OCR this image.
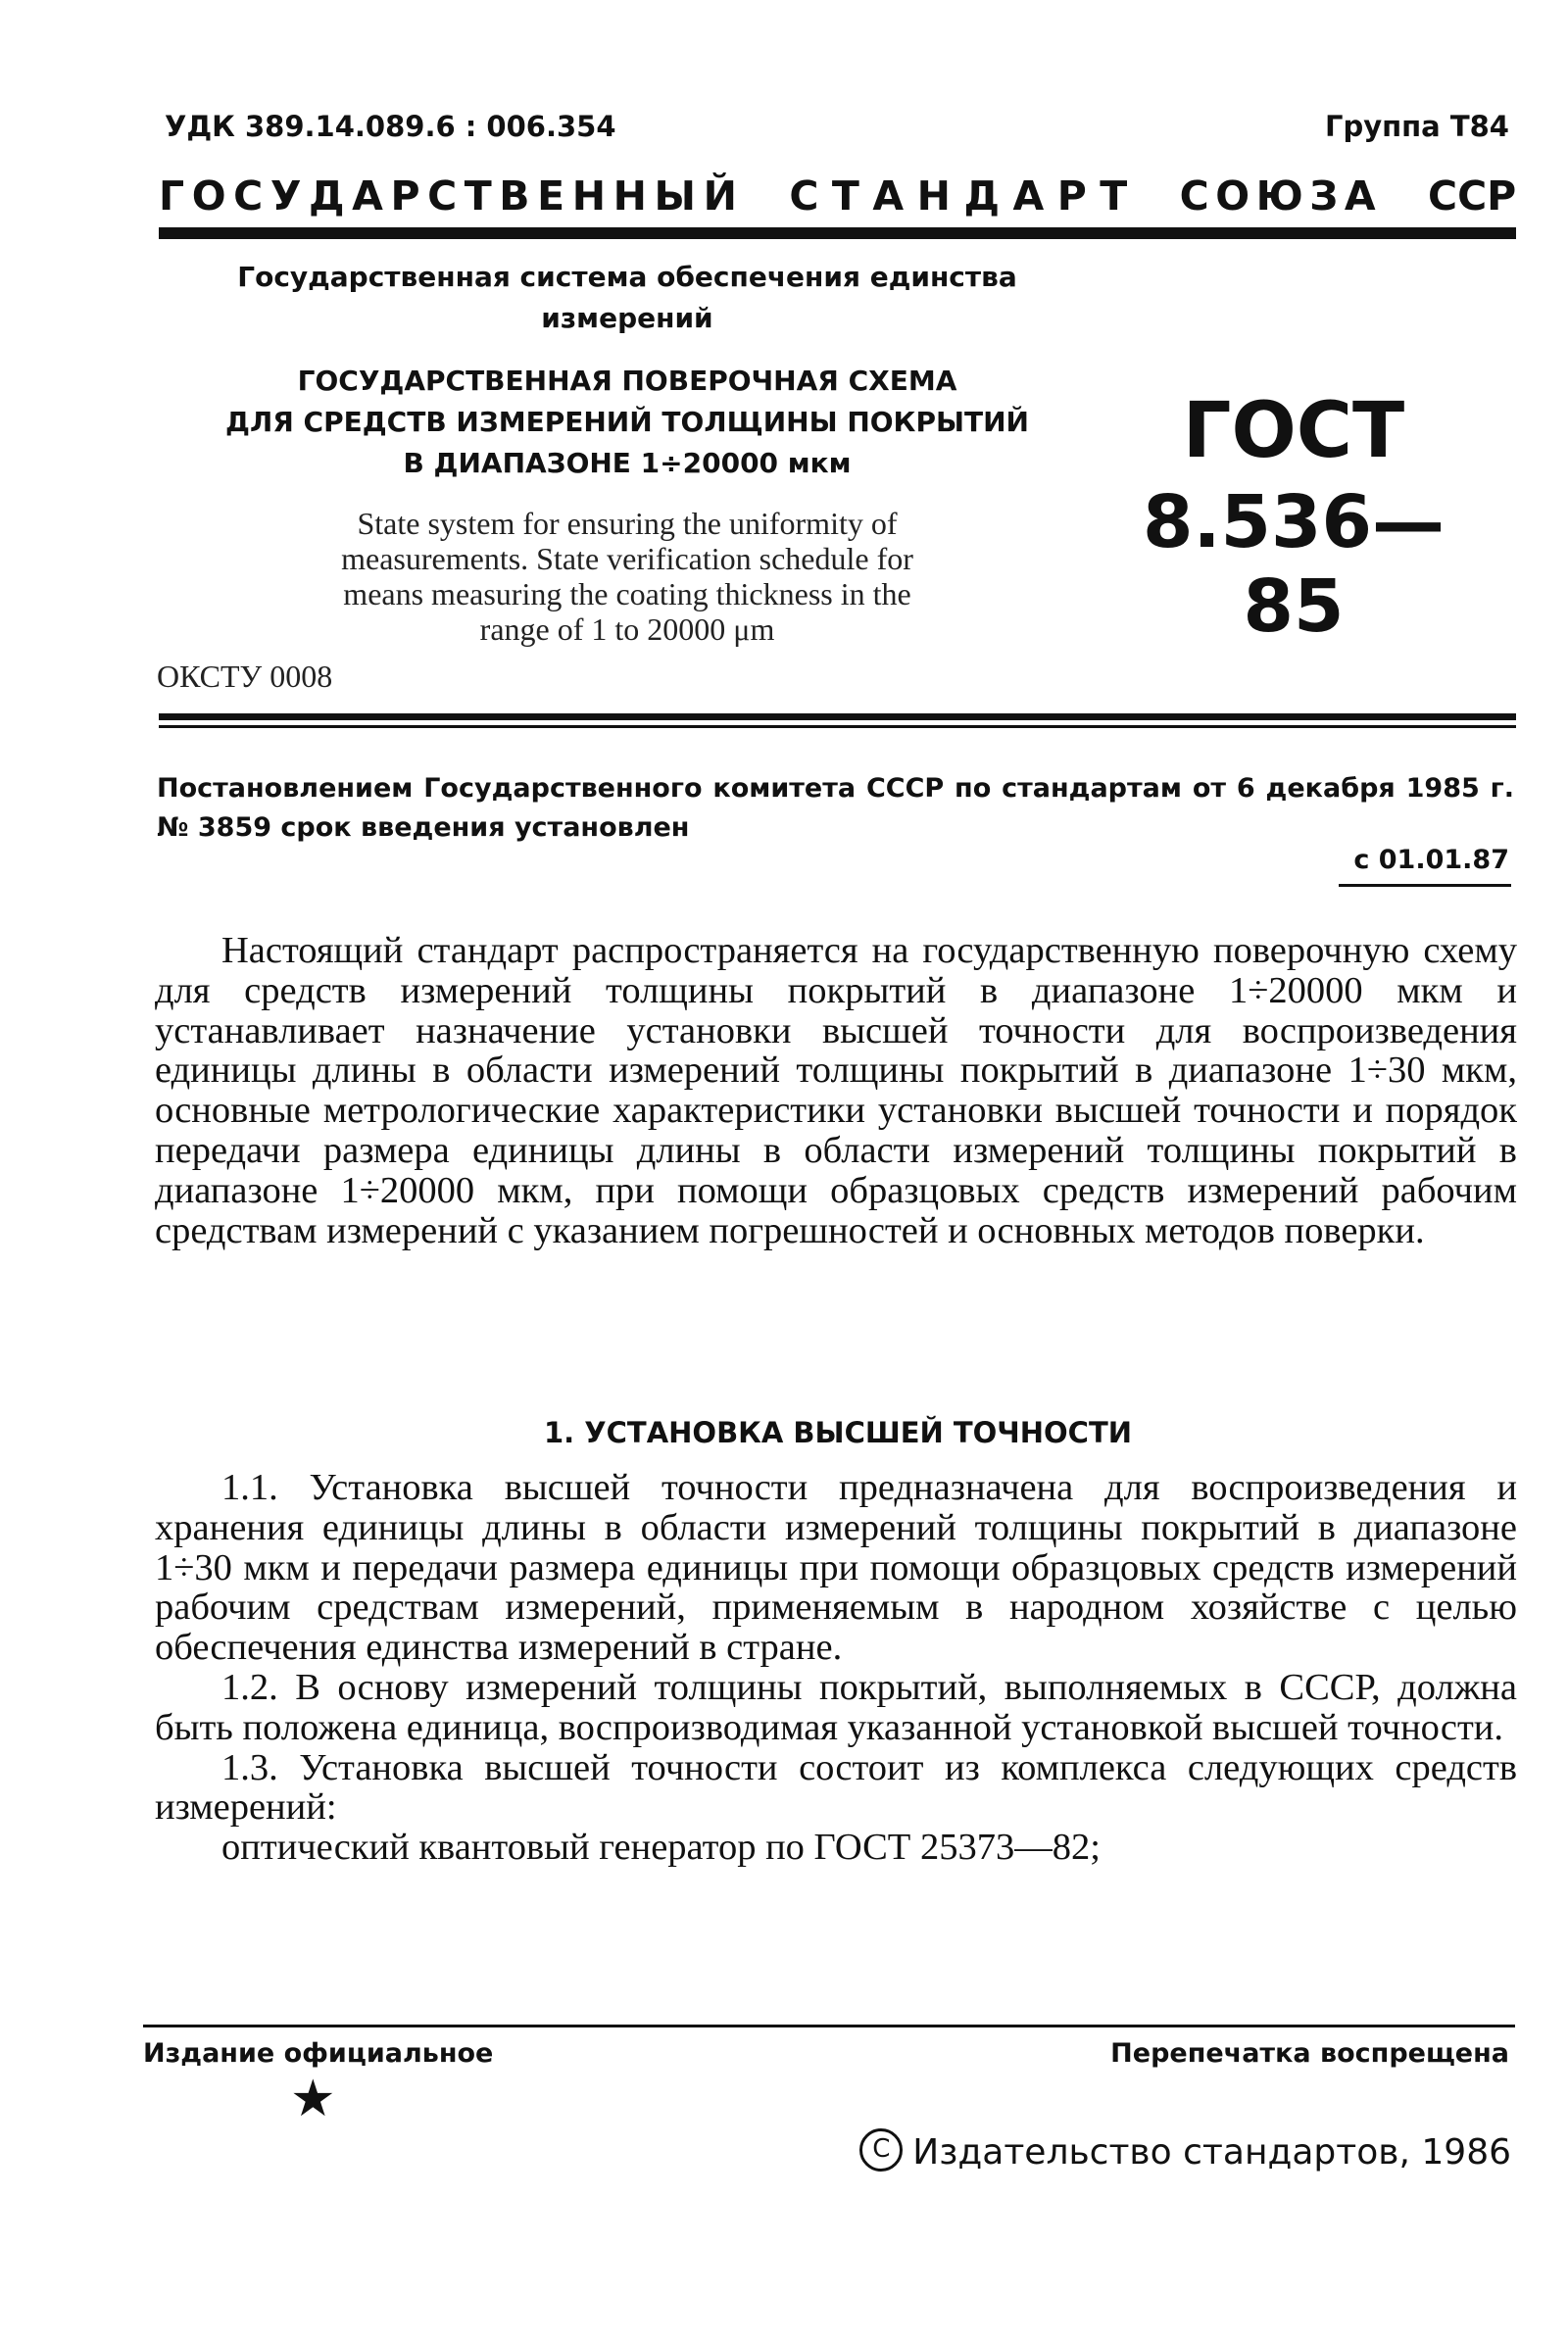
УДК 389.14.089.6 : 006.354	Группа Т84
Г О С У Д А Р С Т В Е Н Н Ы Й С Т А Н Д А Р Т С О Ю З А С С Р
Государственная система обеспечения единства
измерений
ГОСУДАРСТВЕННАЯ ПОВЕРОЧНАЯ СХЕМА
ДЛЯ СРЕДСТВ ИЗМЕРЕНИЙ ТОЛЩИНЫ ПОКРЫТИЙ
В ДИАПАЗОНЕ 1÷20000 мкм
State system for ensuring the uniformity of
measurements. State verification schedule for
means measuring the coating thickness in the
range of 1 to 20000 μm
ОКСТУ 0008
ГОСТ
8.536—85
Постановлением Государственного комитета СССР по стандартам от 6 декабря 1985 г. № 3859 срок введения установлен
с 01.01.87
Настоящий стандарт распространяется на государственную поверочную схему для средств измерений толщины покрытий в диапазоне 1÷20000 мкм и устанавливает назначение установки высшей точности для воспроизведения единицы длины в области измерений толщины покрытий в диапазоне 1÷30 мкм, основные метрологические характеристики установки высшей точности и порядок передачи размера единицы длины в области измерений толщины покрытий в диапазоне 1÷20000 мкм, при помощи образцовых средств измерений рабочим средствам измерений с указанием погрешностей и основных методов поверки.
1. УСТАНОВКА ВЫСШЕЙ ТОЧНОСТИ

1.1. Установка высшей точности предназначена для воспроизведения и хранения единицы длины в области измерений толщины покрытий в диапазоне 1÷30 мкм и передачи размера единицы при помощи образцовых средств измерений рабочим средствам измерений, применяемым в народном хозяйстве с целью обеспечения единства измерений в стране.

1.2. В основу измерений толщины покрытий, выполняемых в СССР, должна быть положена единица, воспроизводимая указанной установкой высшей точности.

1.3. Установка высшей точности состоит из комплекса следующих средств измерений:

оптический квантовый генератор по ГОСТ 25373—82;

Издание официальное	Перепечатка воспрещена
★
C Издательство стандартов, 1986
